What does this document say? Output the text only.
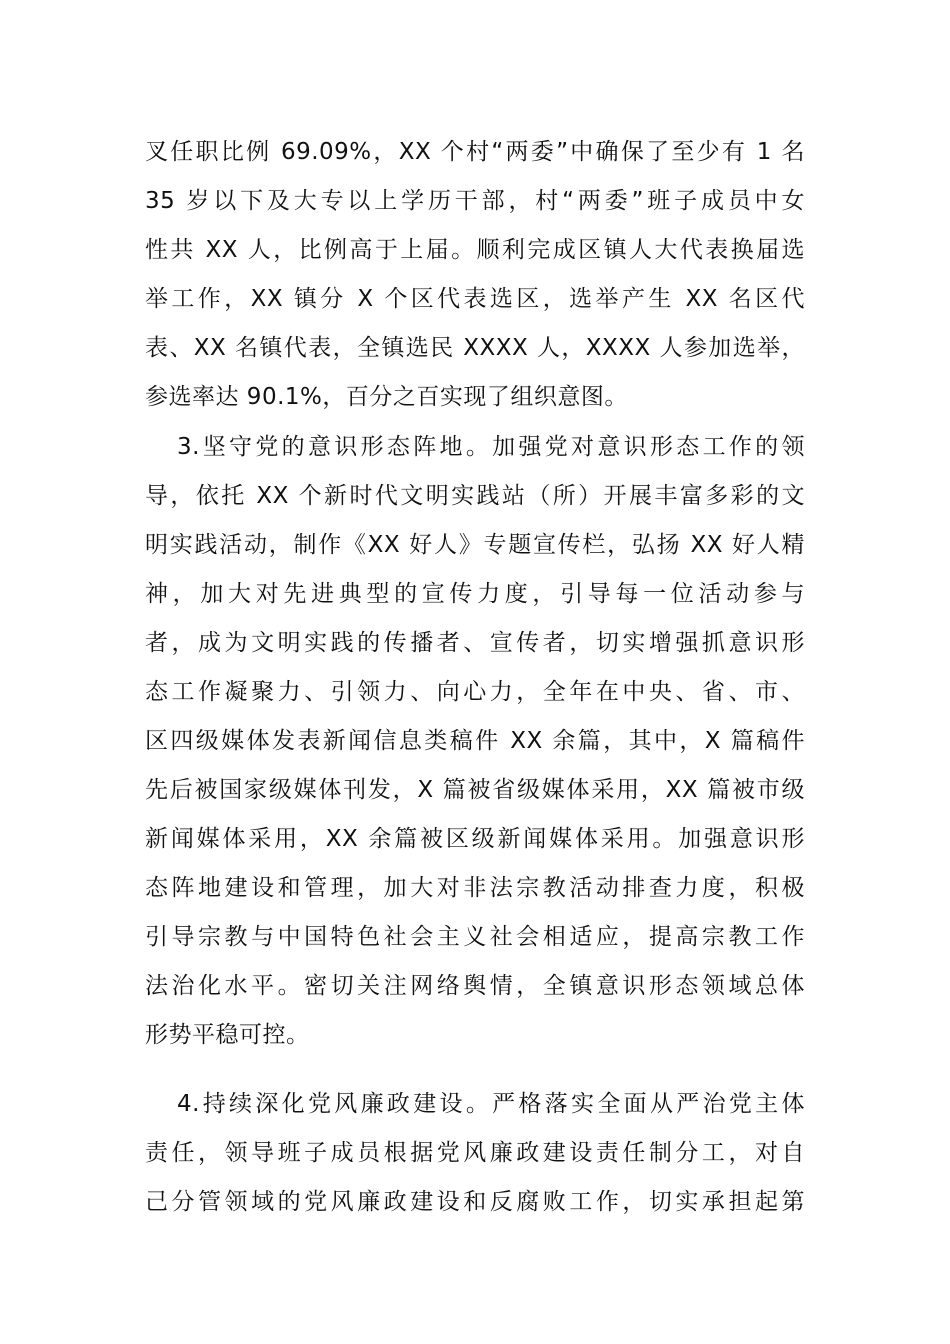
叉任职比例 69.09%，XX 个村“两委”中确保了至少有 1 名
35 岁以下及大专以上学历干部，村“两委”班子成员中女
性共 XX 人，比例高于上届。顺利完成区镇人大代表换届选
举工作，XX 镇分 X 个区代表选区，选举产生 XX 名区代
表、XX 名镇代表，全镇选民 XXXX 人，XXXX 人参加选举，
参选率达 90.1%，百分之百实现了组织意图。
3.坚守党的意识形态阵地。加强党对意识形态工作的领
导，依托 XX 个新时代文明实践站（所）开展丰富多彩的文
明实践活动，制作《XX 好人》专题宣传栏，弘扬 XX 好人精
神，加大对先进典型的宣传力度，引导每一位活动参与
者，成为文明实践的传播者、宣传者，切实增强抓意识形
态工作凝聚力、引领力、向心力，全年在中央、省、市、
区四级媒体发表新闻信息类稿件 XX 余篇，其中，X 篇稿件
先后被国家级媒体刊发，X 篇被省级媒体采用，XX 篇被市级
新闻媒体采用，XX 余篇被区级新闻媒体采用。加强意识形
态阵地建设和管理，加大对非法宗教活动排查力度，积极
引导宗教与中国特色社会主义社会相适应，提高宗教工作
法治化水平。密切关注网络舆情，全镇意识形态领域总体
形势平稳可控。
4.持续深化党风廉政建设。严格落实全面从严治党主体
责任，领导班子成员根据党风廉政建设责任制分工，对自
己分管领域的党风廉政建设和反腐败工作，切实承担起第
